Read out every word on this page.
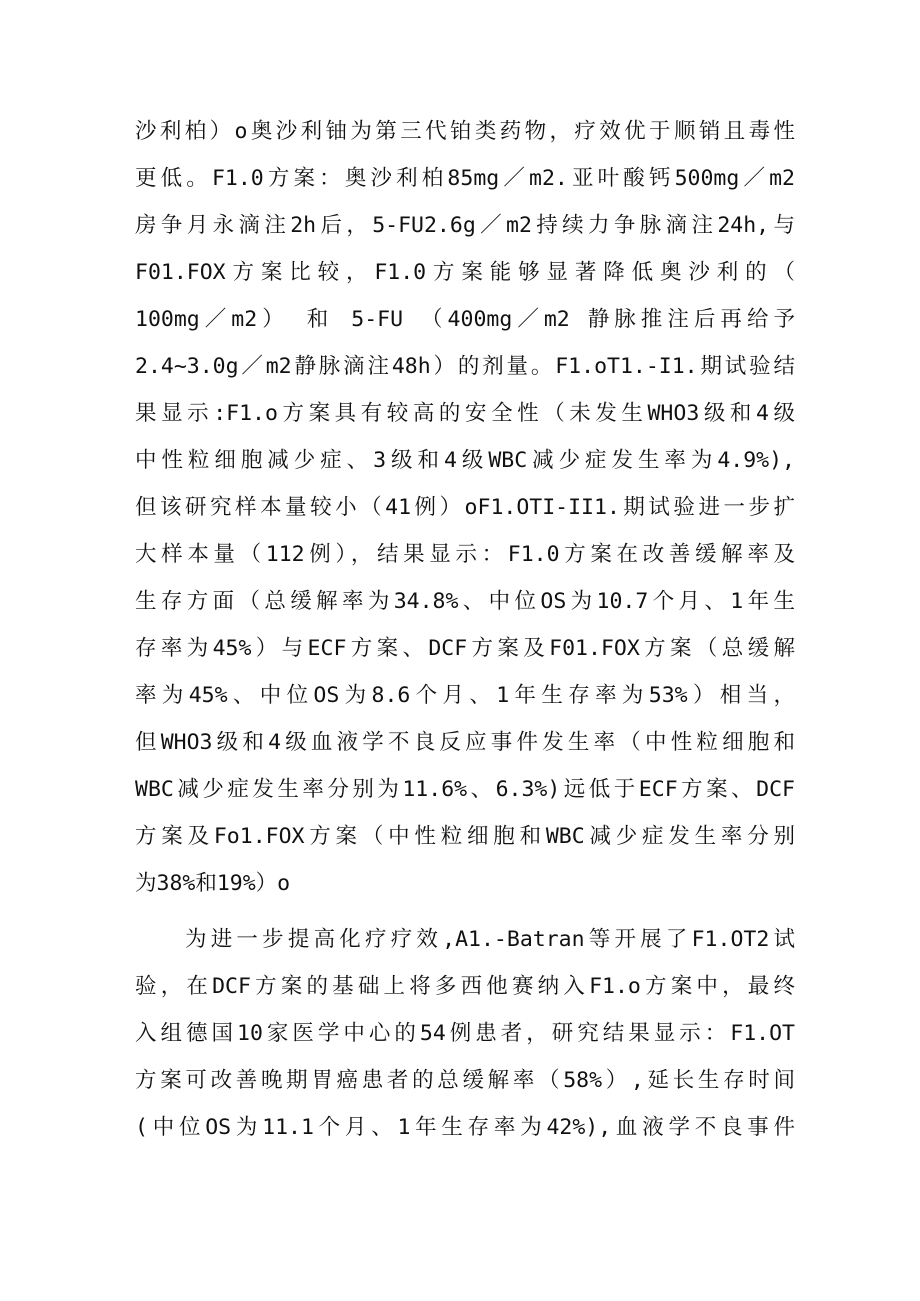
沙利柏）o奥沙利铀为第三代铂类药物，疗效优于顺销且毒性
更低。F1.0方案：奥沙利柏85mg／m2.亚叶酸钙500mg／m2
房争月永滴注2h后，5-FU2.6g／m2持续力争脉滴注24h,与
F01.FOX方案比较，F1.0方案能够显著降低奥沙利的（
100mg／m2） 和 5-FU （400mg／m2 静脉推注后再给予
2.4~3.0g／m2静脉滴注48h）的剂量。F1.oT1.-I1.期试验结
果显示:F1.o方案具有较高的安全性（未发生WHO3级和4级
中性粒细胞减少症、3级和4级WBC减少症发生率为4.9%),
但该研究样本量较小（41例）oF1.OTI-II1.期试验进一步扩
大样本量（112例），结果显示：F1.0方案在改善缓解率及
生存方面（总缓解率为34.8%、中位OS为10.7个月、1年生
存率为45%）与ECF方案、DCF方案及F01.FOX方案（总缓解
率为45%、中位OS为8.6个月、1年生存率为53%）相当，
但WHO3级和4级血液学不良反应事件发生率（中性粒细胞和
WBC减少症发生率分别为11.6%、6.3%)远低于ECF方案、DCF
方案及Fo1.FOX方案（中性粒细胞和WBC减少症发生率分别
为38%和19%）o
为进一步提高化疗疗效,A1.-Batran等开展了F1.OT2试
验，在DCF方案的基础上将多西他赛纳入F1.o方案中，最终
入组德国10家医学中心的54例患者，研究结果显示：F1.OT
方案可改善晚期胃癌患者的总缓解率（58%）,延长生存时间
(中位OS为11.1个月、1年生存率为42%),血液学不良事件
